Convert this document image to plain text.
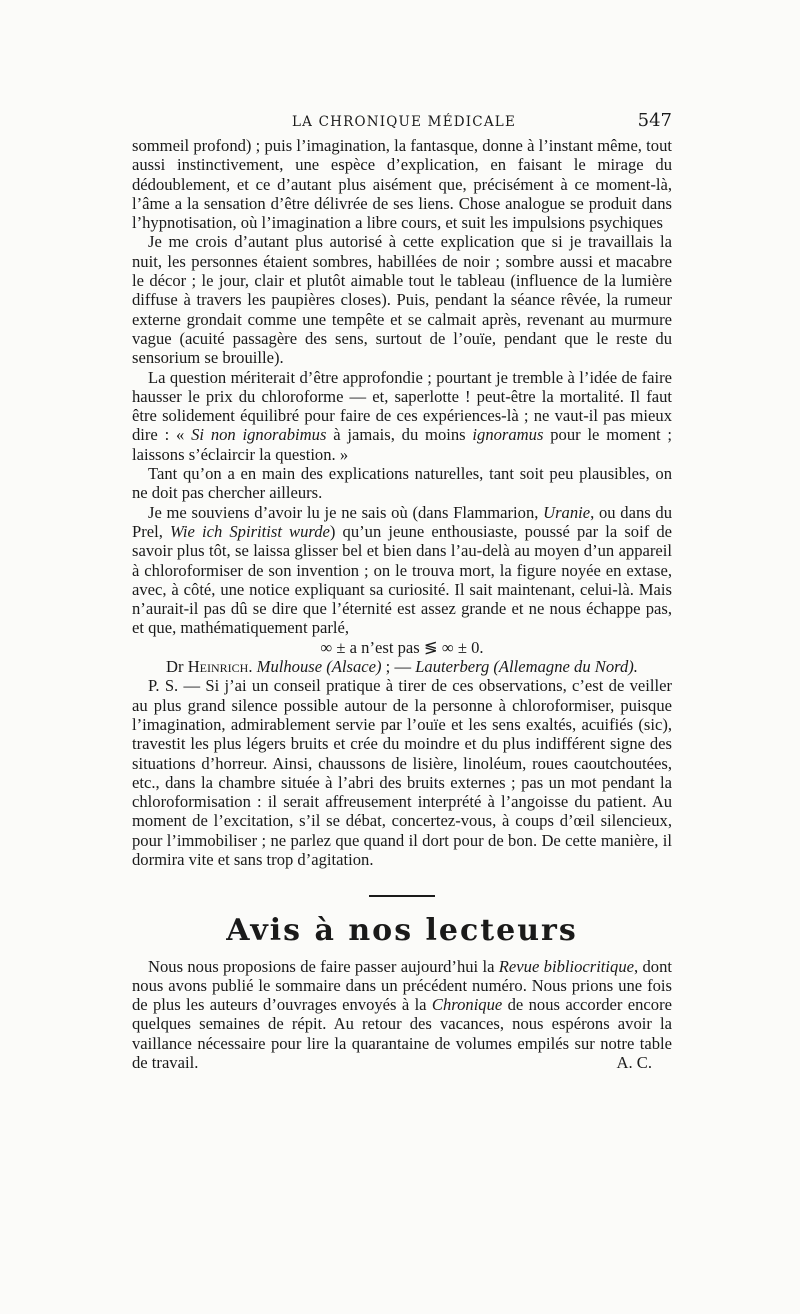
LA CHRONIQUE MÉDICALE	547

sommeil profond) ; puis l’imagination, la fantasque, donne à l’instant même, tout aussi instinctivement, une espèce d’explication, en faisant le mirage du dédoublement, et ce d’autant plus aisément que, précisément à ce moment-là, l’âme a la sensation d’être délivrée de ses liens. Chose analogue se produit dans l’hypnotisation, où l’imagination a libre cours, et suit les impulsions psychiques

Je me crois d’autant plus autorisé à cette explication que si je travaillais la nuit, les personnes étaient sombres, habillées de noir ; sombre aussi et macabre le décor ; le jour, clair et plutôt aimable tout le tableau (influence de la lumière diffuse à travers les paupières closes). Puis, pendant la séance rêvée, la rumeur externe grondait comme une tempête et se calmait après, revenant au murmure vague (acuité passagère des sens, surtout de l’ouïe, pendant que le reste du sensorium se brouille).

La question mériterait d’être approfondie ; pourtant je tremble à l’idée de faire hausser le prix du chloroforme — et, saperlotte ! peut-être la mortalité. Il faut être solidement équilibré pour faire de ces expériences-là ; ne vaut-il pas mieux dire : « Si non ignorabimus à jamais, du moins ignoramus pour le moment ; laissons s’éclaircir la question. »

Tant qu’on a en main des explications naturelles, tant soit peu plausibles, on ne doit pas chercher ailleurs.

Je me souviens d’avoir lu je ne sais où (dans Flammarion, Uranie, ou dans du Prel, Wie ich Spiritist wurde) qu’un jeune enthousiaste, poussé par la soif de savoir plus tôt, se laissa glisser bel et bien dans l’au-delà au moyen d’un appareil à chloroformiser de son invention ; on le trouva mort, la figure noyée en extase, avec, à côté, une notice expliquant sa curiosité. Il sait maintenant, celui-là. Mais n’aurait-il pas dû se dire que l’éternité est assez grande et ne nous échappe pas, et que, mathématiquement parlé,

∞ ± a n’est pas ≶ ∞ ± 0.

Dr Heinrich. Mulhouse (Alsace) ; — Lauterberg (Allemagne du Nord).

P. S. — Si j’ai un conseil pratique à tirer de ces observations, c’est de veiller au plus grand silence possible autour de la personne à chloroformiser, puisque l’imagination, admirablement servie par l’ouïe et les sens exaltés, acuifiés (sic), travestit les plus légers bruits et crée du moindre et du plus indifférent signe des situations d’horreur. Ainsi, chaussons de lisière, linoléum, roues caoutchoutées, etc., dans la chambre située à l’abri des bruits externes ; pas un mot pendant la chloroformisation : il serait affreusement interprété à l’angoisse du patient. Au moment de l’excitation, s’il se débat, concertez-vous, à coups d’œil silencieux, pour l’immobiliser ; ne parlez que quand il dort pour de bon. De cette manière, il dormira vite et sans trop d’agitation.

Avis à nos lecteurs

Nous nous proposions de faire passer aujourd’hui la Revue bibliocritique, dont nous avons publié le sommaire dans un précédent numéro. Nous prions une fois de plus les auteurs d’ouvrages envoyés à la Chronique de nous accorder encore quelques semaines de répit. Au retour des vacances, nous espérons avoir la vaillance nécessaire pour lire la quarantaine de volumes empilés sur notre table de travail.	A. C.
